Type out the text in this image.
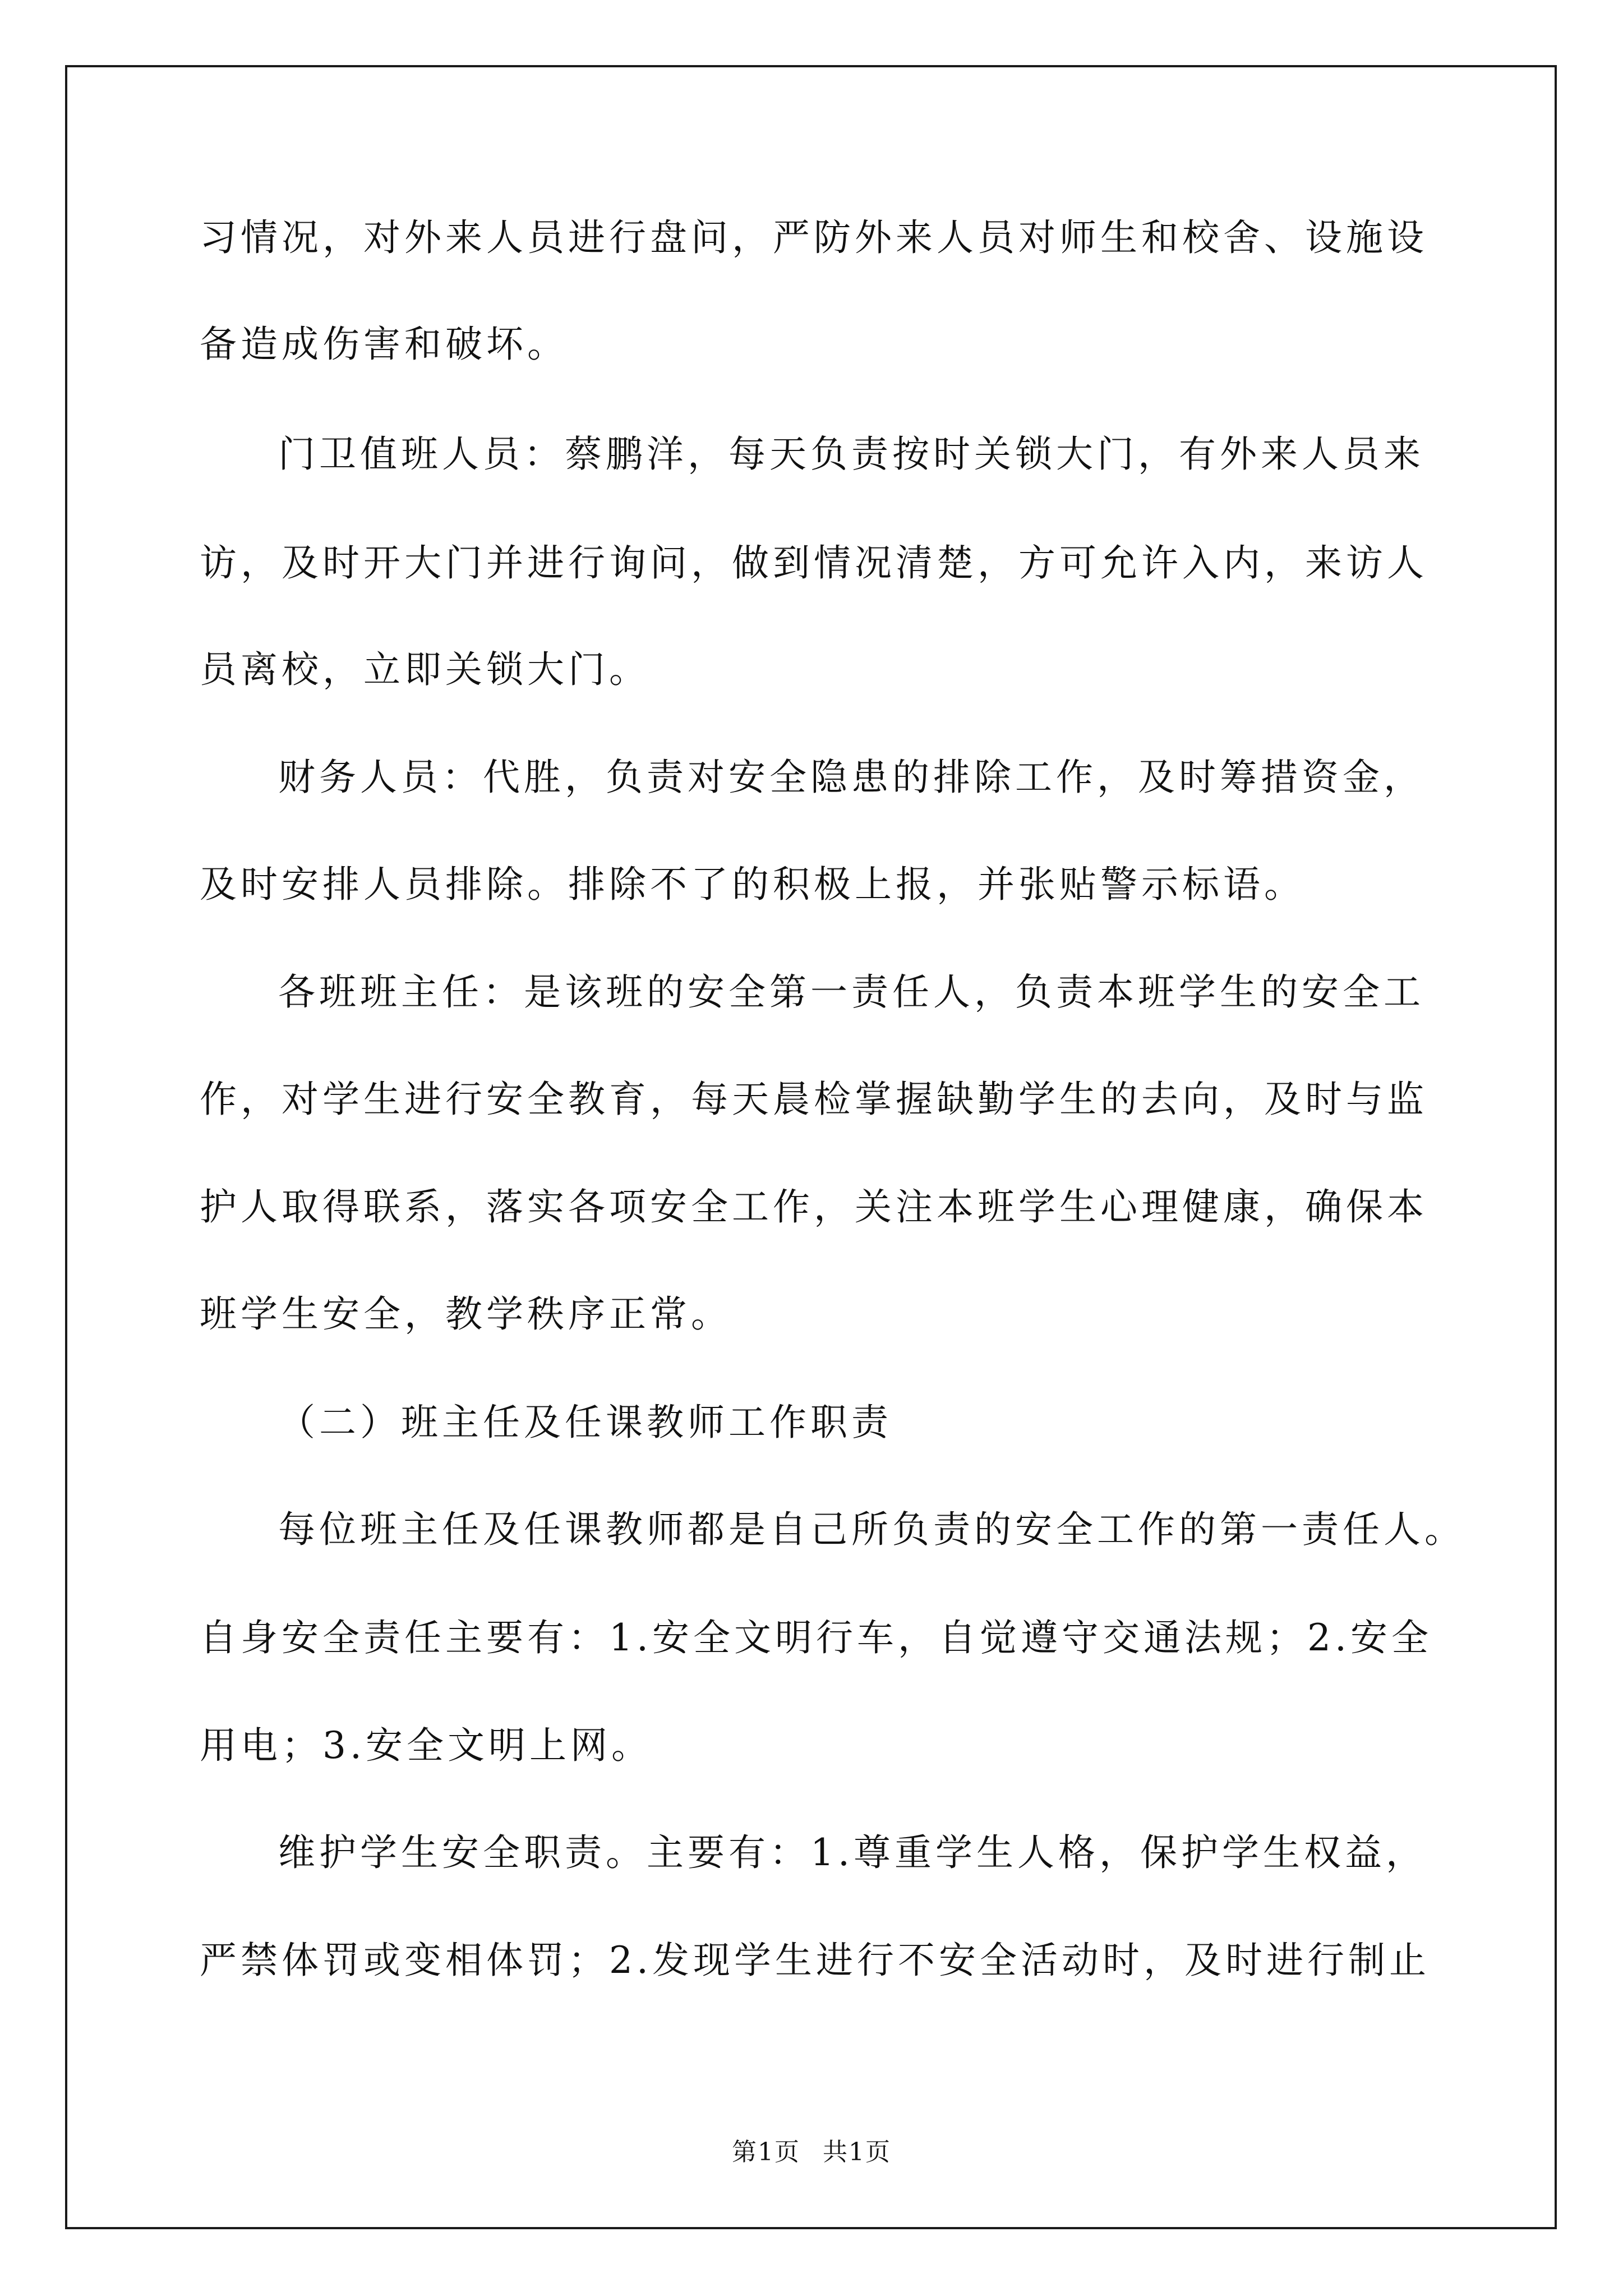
习情况，对外来人员进行盘问，严防外来人员对师生和校舍、设施设
备造成伤害和破坏。
门卫值班人员：蔡鹏洋，每天负责按时关锁大门，有外来人员来
访，及时开大门并进行询问，做到情况清楚，方可允许入内，来访人
员离校，立即关锁大门。
财务人员：代胜，负责对安全隐患的排除工作，及时筹措资金，
及时安排人员排除。排除不了的积极上报，并张贴警示标语。
各班班主任：是该班的安全第一责任人，负责本班学生的安全工
作，对学生进行安全教育，每天晨检掌握缺勤学生的去向，及时与监
护人取得联系，落实各项安全工作，关注本班学生心理健康，确保本
班学生安全，教学秩序正常。
（二）班主任及任课教师工作职责
每位班主任及任课教师都是自己所负责的安全工作的第一责任人。
自身安全责任主要有：1.安全文明行车，自觉遵守交通法规；2.安全
用电；3.安全文明上网。
维护学生安全职责。主要有：1.尊重学生人格，保护学生权益，
严禁体罚或变相体罚；2.发现学生进行不安全活动时，及时进行制止
第1页 共1页
